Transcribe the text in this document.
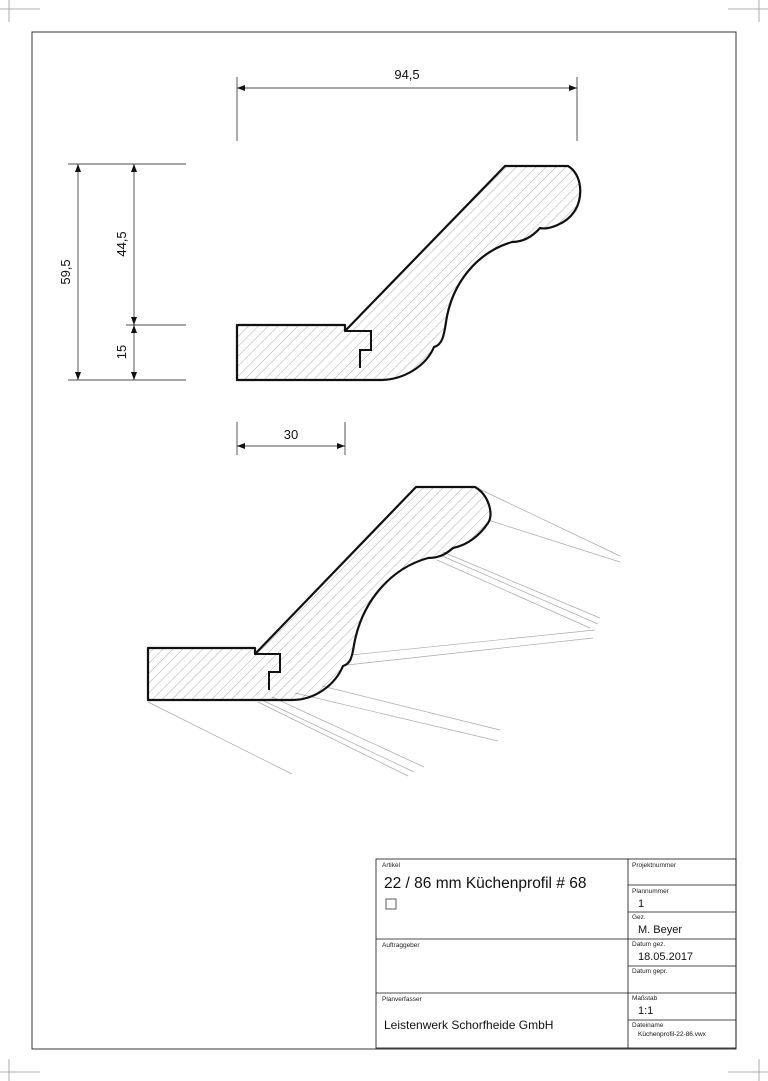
94,5
59,5
44,5
15
30
Artikel
22 / 86 mm Küchenprofil # 68
Projektnummer
Plannummer
1
Gez.
M. Beyer
Auftraggeber	Datum gez.
18.05.2017
Datum gepr.
Planverfasser
Leistenwerk Schorfheide GmbH
Maßstab
1:1
Dateiname
Küchenprofil-22-86.vwx
